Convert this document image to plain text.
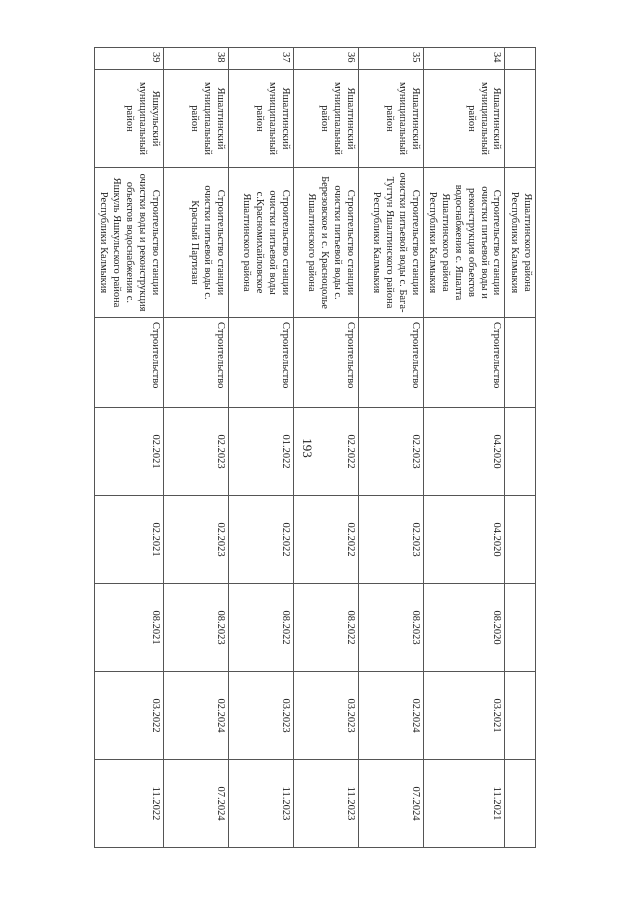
193
		Яшалтинского района Республики Калмыкия						
34	Яшалтинский муниципальный район	Строительство станции очистки питьевой воды и реконструкция объектов водоснабжения с. Яшалта Яшалтинского района Республики Калмыкия	Строительство	04.2020	04.2020	08.2020	03.2021	11.2021
35	Яшалтинский муниципальный район	Строительство станции очистки питьевой воды с. Бага-Тугтун Яшалтинского района Республики Калмыкия	Строительство	02.2023	02.2023	08.2023	02.2024	07.2024
36	Яшалтинский муниципальный район	Строительство станции очистки питьевой воды с. Березовское и с. Красноцолье Яшалтинского района	Строительство	02.2022	02.2022	08.2022	03.2023	11.2023
37	Яшалтинский муниципальный район	Строительство станции очистки питьевой воды с.Красномихайловское Яшалтинского района	Строительство	01.2022	02.2022	08.2022	03.2023	11.2023
38	Яшалтинский муниципальный район	Строительство станции очистки питьевой воды с. Красный Партизан	Строительство	02.2023	02.2023	08.2023	02.2024	07.2024
39	Яшкульский муниципальный район	Строительство станции очистки воды и реконструкция объектов водоснабжения с. Яшкуль Яшкульского района Республики Калмыкия	Строительство	02.2021	02.2021	08.2021	03.2022	11.2022
